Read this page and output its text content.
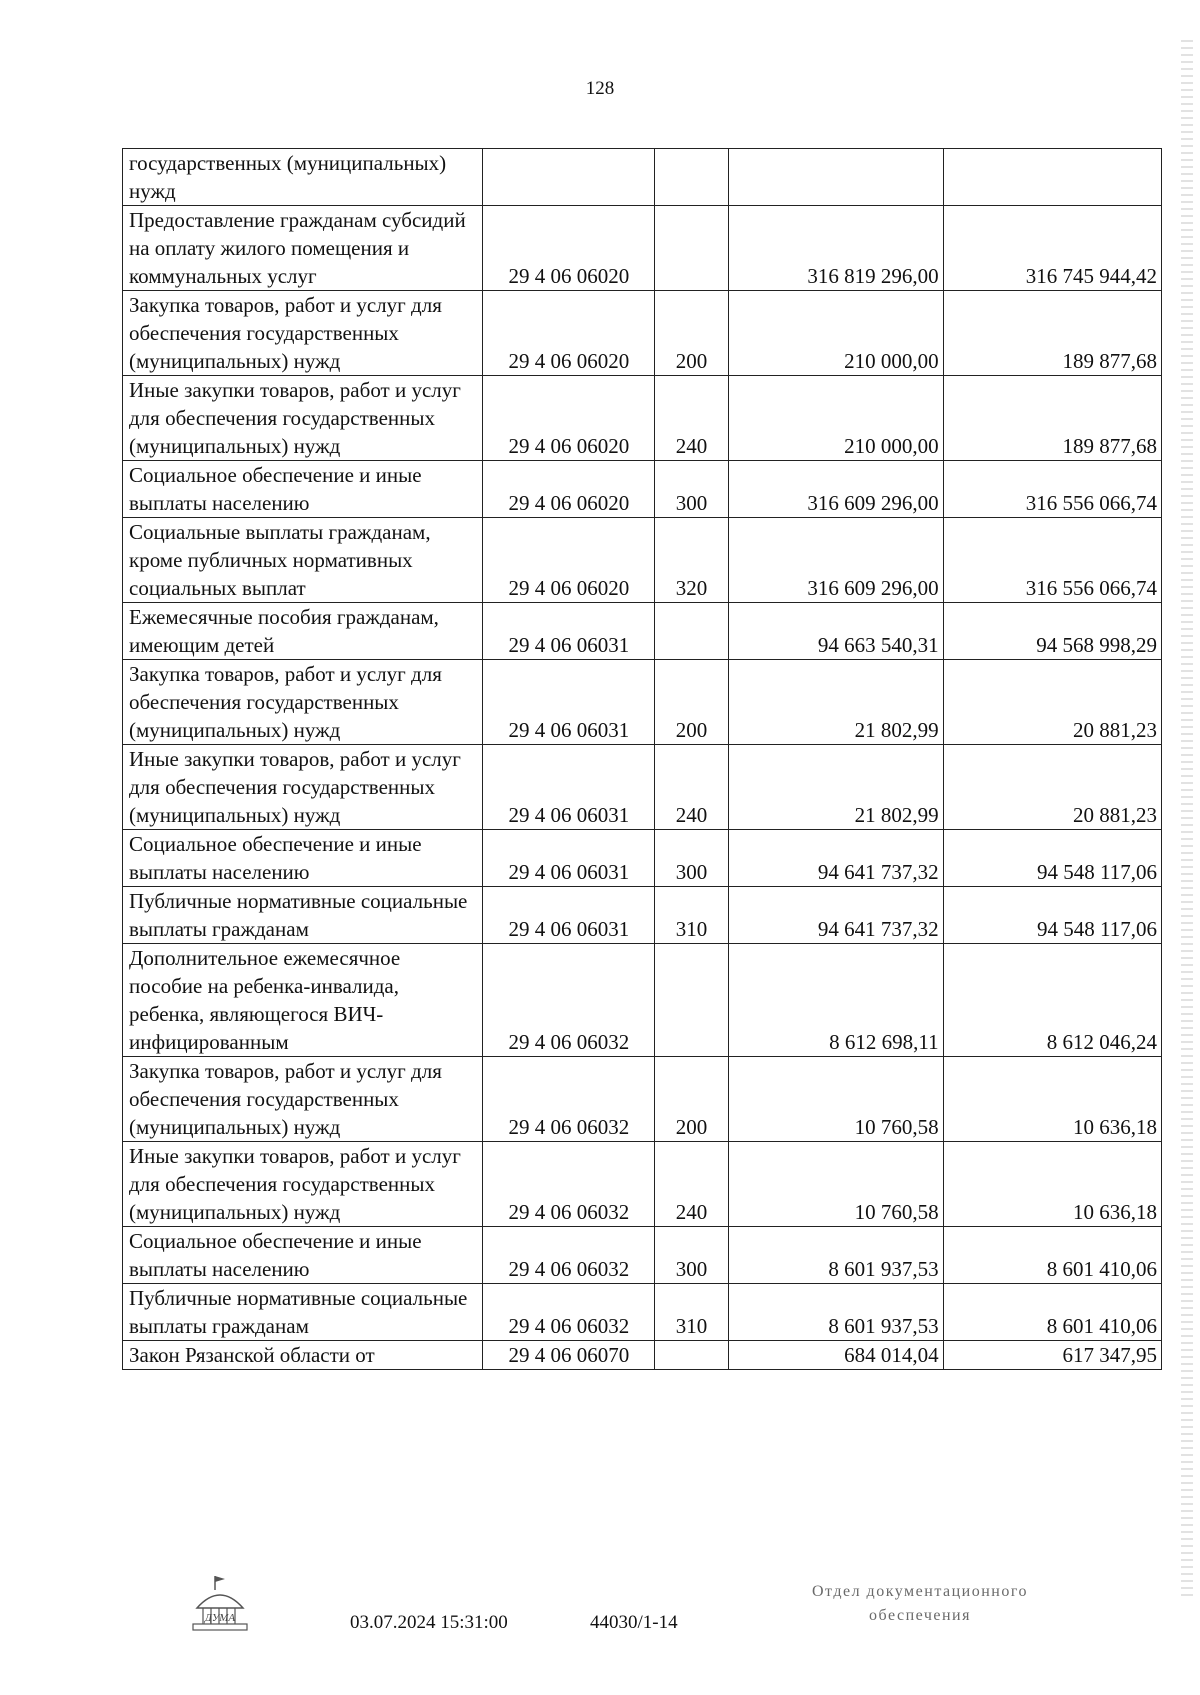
128
государственных (муниципальных) нужд				
Предоставление гражданам субсидий на оплату жилого помещения и коммунальных услуг	29 4 06 06020		316 819 296,00	316 745 944,42
Закупка товаров, работ и услуг для обеспечения государственных (муниципальных) нужд	29 4 06 06020	200	210 000,00	189 877,68
Иные закупки товаров, работ и услуг для обеспечения государственных (муниципальных) нужд	29 4 06 06020	240	210 000,00	189 877,68
Социальное обеспечение и иные выплаты населению	29 4 06 06020	300	316 609 296,00	316 556 066,74
Социальные выплаты гражданам, кроме публичных нормативных социальных выплат	29 4 06 06020	320	316 609 296,00	316 556 066,74
Ежемесячные пособия гражданам, имеющим детей	29 4 06 06031		94 663 540,31	94 568 998,29
Закупка товаров, работ и услуг для обеспечения государственных (муниципальных) нужд	29 4 06 06031	200	21 802,99	20 881,23
Иные закупки товаров, работ и услуг для обеспечения государственных (муниципальных) нужд	29 4 06 06031	240	21 802,99	20 881,23
Социальное обеспечение и иные выплаты населению	29 4 06 06031	300	94 641 737,32	94 548 117,06
Публичные нормативные социальные выплаты гражданам	29 4 06 06031	310	94 641 737,32	94 548 117,06
Дополнительное ежемесячное пособие на ребенка-инвалида, ребенка, являющегося ВИЧ-инфицированным	29 4 06 06032		8 612 698,11	8 612 046,24
Закупка товаров, работ и услуг для обеспечения государственных (муниципальных) нужд	29 4 06 06032	200	10 760,58	10 636,18
Иные закупки товаров, работ и услуг для обеспечения государственных (муниципальных) нужд	29 4 06 06032	240	10 760,58	10 636,18
Социальное обеспечение и иные выплаты населению	29 4 06 06032	300	8 601 937,53	8 601 410,06
Публичные нормативные социальные выплаты гражданам	29 4 06 06032	310	8 601 937,53	8 601 410,06
Закон Рязанской области от	29 4 06 06070		684 014,04	617 347,95
ДУМА	03.07.2024 15:31:00	44030/1-14
Отдел документационного
обеспечения
